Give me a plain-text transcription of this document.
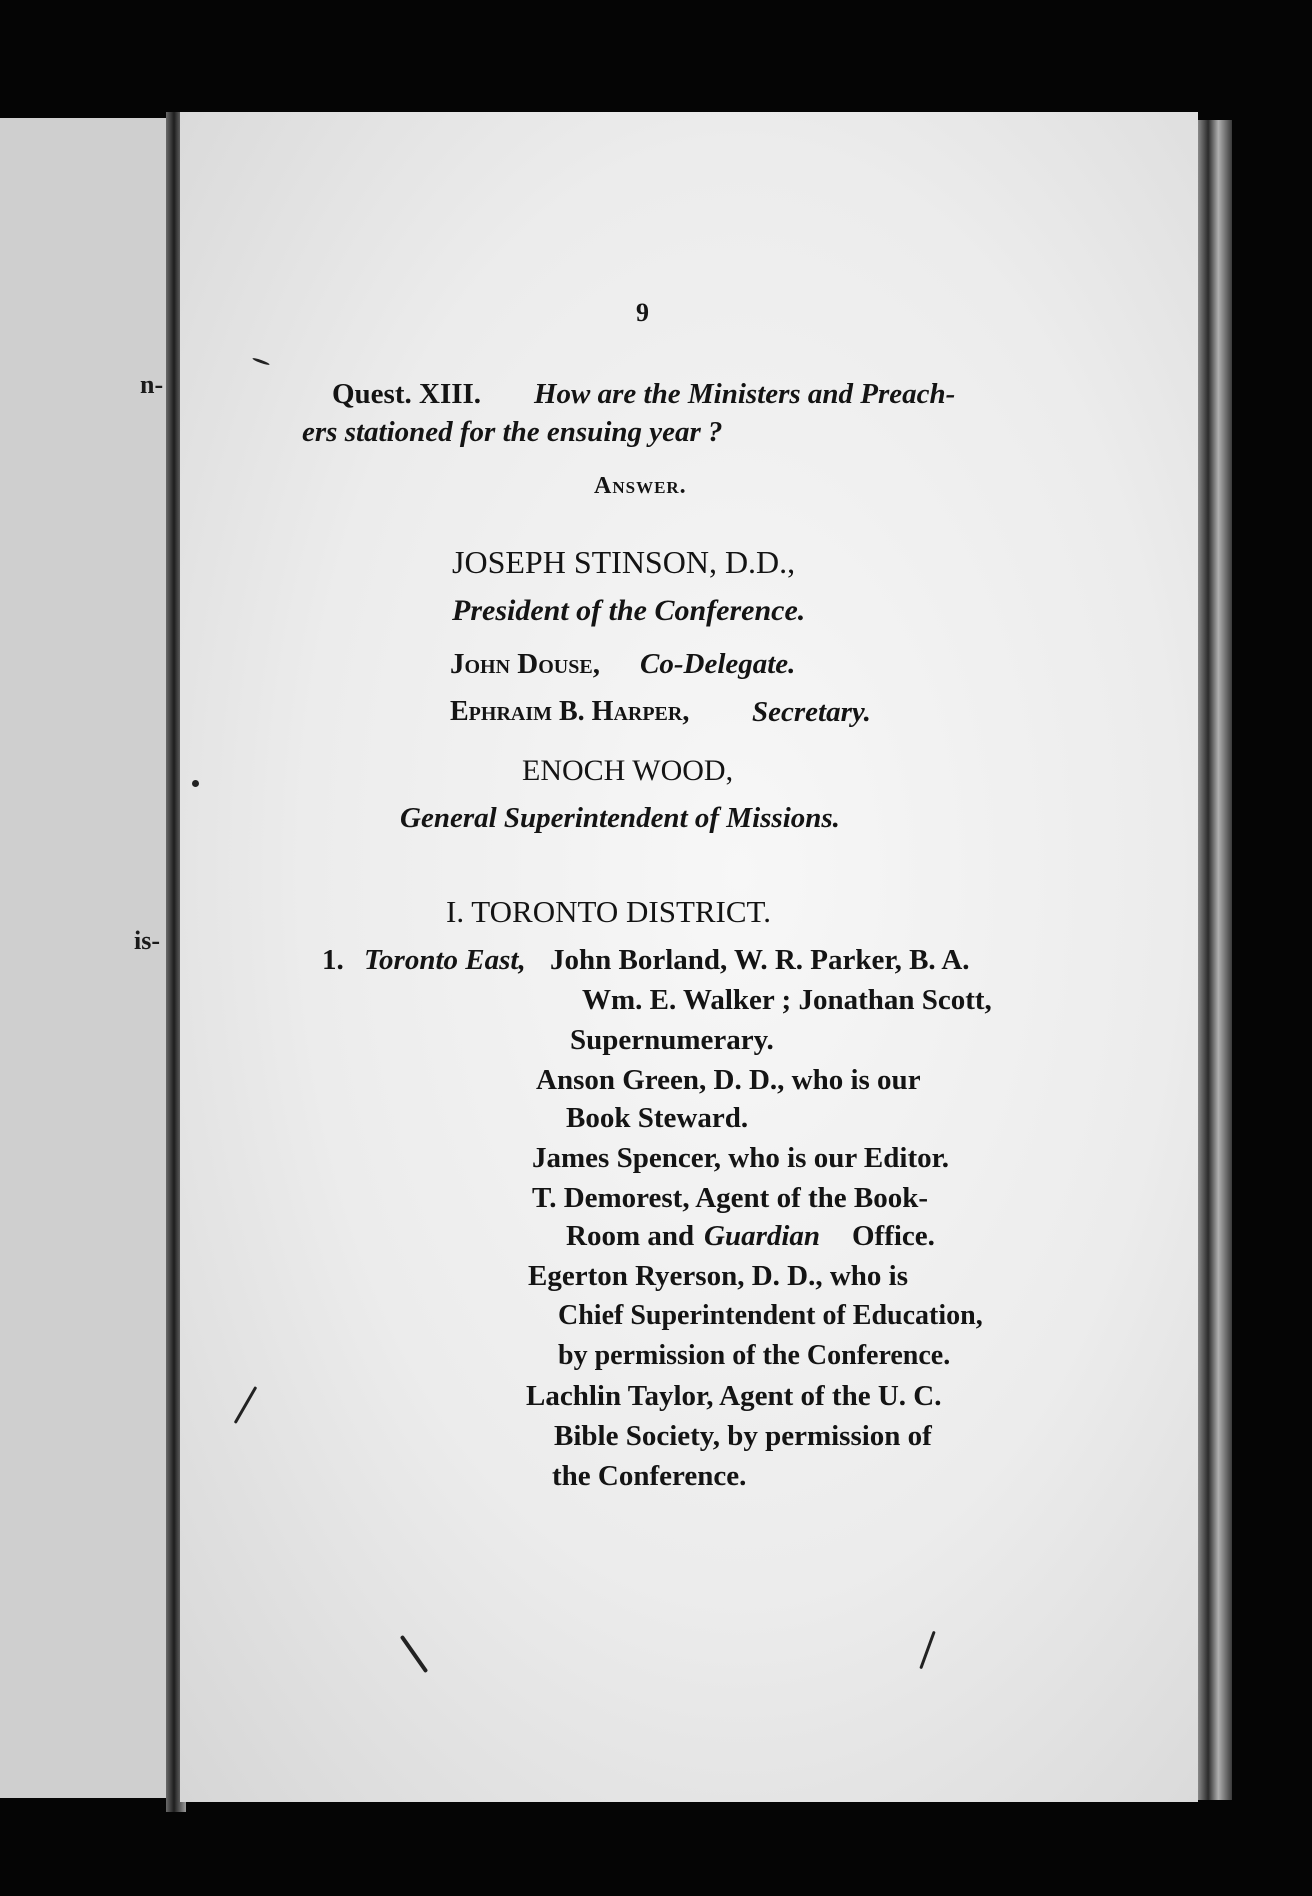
n-
is-
9
Quest. XIII. How are the Ministers and Preach-
ers stationed for the ensuing year ?
Answer.
JOSEPH STINSON, D.D.,
President of the Conference.
John Douse, Co-Delegate.
Ephraim B. Harper, Secretary.
ENOCH WOOD,
General Superintendent of Missions.
I. TORONTO DISTRICT.
1. Toronto East, John Borland, W. R. Parker, B. A.
Wm. E. Walker ; Jonathan Scott,
Supernumerary.
Anson Green, D. D., who is our
Book Steward.
James Spencer, who is our Editor.
T. Demorest, Agent of the Book-
Room and Guardian Office.
Egerton Ryerson, D. D., who is
Chief Superintendent of Education,
by permission of the Conference.
Lachlin Taylor, Agent of the U. C.
Bible Society, by permission of
the Conference.
